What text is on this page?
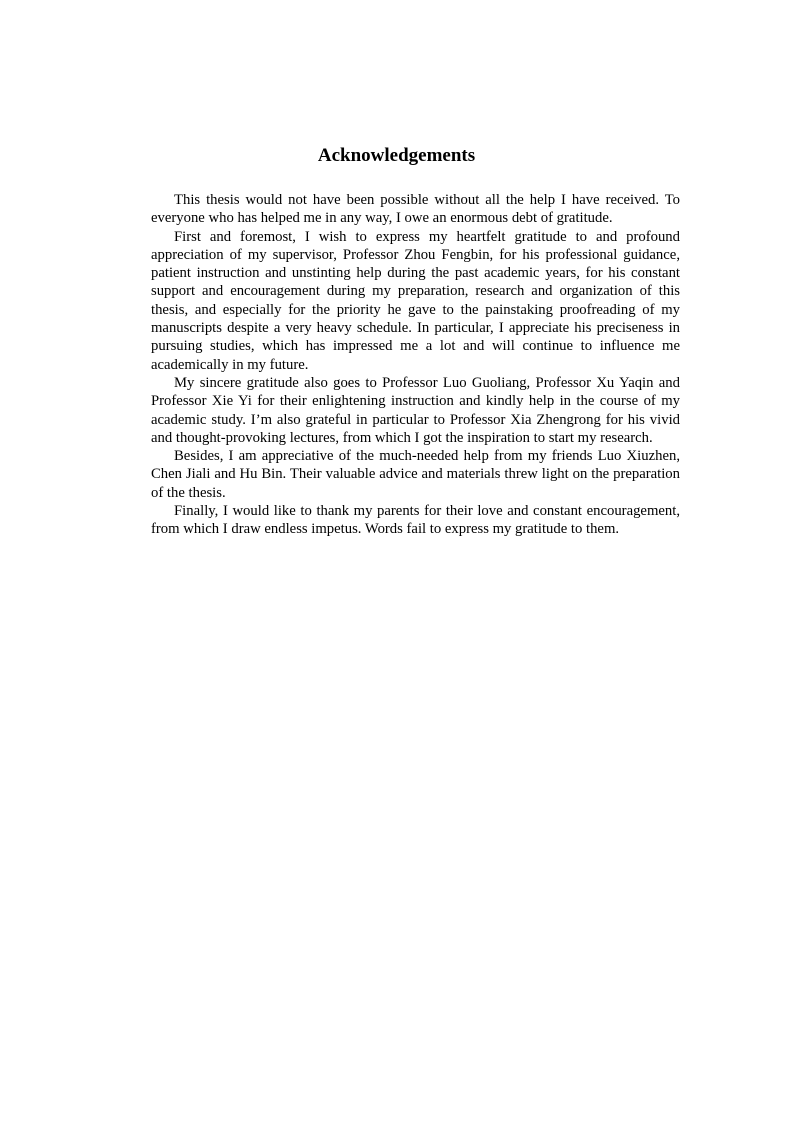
Acknowledgements

This thesis would not have been possible without all the help I have received. To everyone who has helped me in any way, I owe an enormous debt of gratitude.

First and foremost, I wish to express my heartfelt gratitude to and profound appreciation of my supervisor, Professor Zhou Fengbin, for his professional guidance, patient instruction and unstinting help during the past academic years, for his constant support and encouragement during my preparation, research and organization of this thesis, and especially for the priority he gave to the painstaking proofreading of my manuscripts despite a very heavy schedule. In particular, I appreciate his preciseness in pursuing studies, which has impressed me a lot and will continue to influence me academically in my future.

My sincere gratitude also goes to Professor Luo Guoliang, Professor Xu Yaqin and Professor Xie Yi for their enlightening instruction and kindly help in the course of my academic study. I’m also grateful in particular to Professor Xia Zhengrong for his vivid and thought-provoking lectures, from which I got the inspiration to start my research.

Besides, I am appreciative of the much-needed help from my friends Luo Xiuzhen, Chen Jiali and Hu Bin. Their valuable advice and materials threw light on the preparation of the thesis.

Finally, I would like to thank my parents for their love and constant encouragement, from which I draw endless impetus. Words fail to express my gratitude to them.
